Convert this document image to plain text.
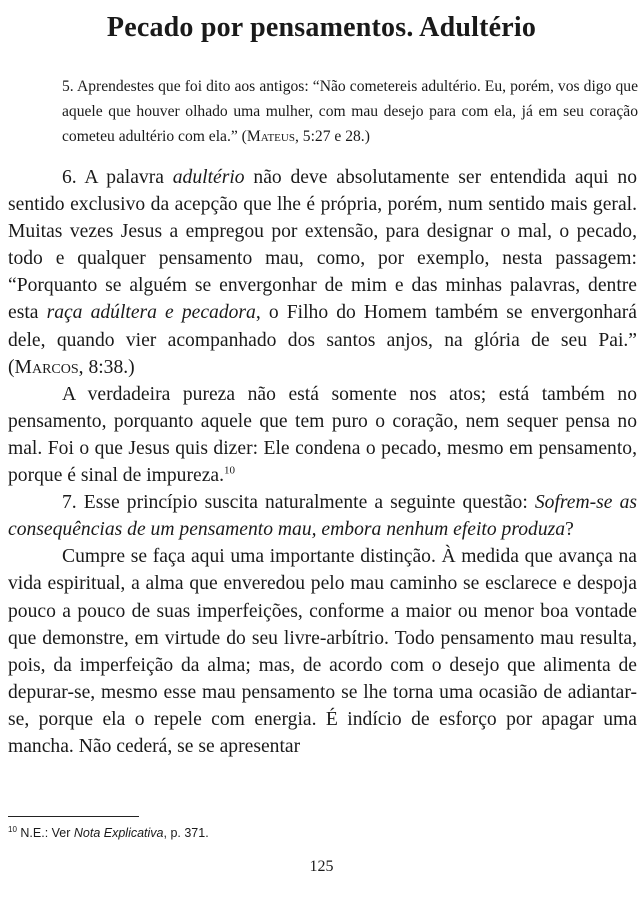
Pecado por pensamentos. Adultério

5. Aprendestes que foi dito aos antigos: “Não cometereis adultério. Eu, porém, vos digo que aquele que houver olhado uma mulher, com mau desejo para com ela, já em seu coração cometeu adultério com ela.” (Mateus, 5:27 e 28.)

6. A palavra adultério não deve absolutamente ser entendida aqui no sentido exclusivo da acepção que lhe é própria, porém, num sentido mais geral. Muitas vezes Jesus a empregou por extensão, para designar o mal, o pecado, todo e qualquer pensamento mau, como, por exemplo, nesta passagem: “Porquanto se alguém se envergonhar de mim e das minhas palavras, dentre esta raça adúltera e pecadora, o Filho do Homem também se envergonhará dele, quando vier acompanhado dos santos anjos, na glória de seu Pai.” (Marcos, 8:38.)

A verdadeira pureza não está somente nos atos; está também no pensamento, porquanto aquele que tem puro o coração, nem sequer pensa no mal. Foi o que Jesus quis dizer: Ele condena o pecado, mesmo em pensamento, porque é sinal de impureza.$^{10}$

7. Esse princípio suscita naturalmente a seguinte questão: Sofrem-se as consequências de um pensamento mau, embora nenhum efeito produza?

Cumpre se faça aqui uma importante distinção. À medida que avança na vida espiritual, a alma que enveredou pelo mau caminho se esclarece e despoja pouco a pouco de suas imperfeições, conforme a maior ou menor boa vontade que demonstre, em virtude do seu livre-arbítrio. Todo pensamento mau resulta, pois, da imperfeição da alma; mas, de acordo com o desejo que alimenta de depurar-se, mesmo esse mau pensamento se lhe torna uma ocasião de adiantar-se, porque ela o repele com energia. É indício de esforço por apagar uma mancha. Não cederá, se se apresentar

$^{10}$ N.E.: Ver Nota Explicativa, p. 371.
125
